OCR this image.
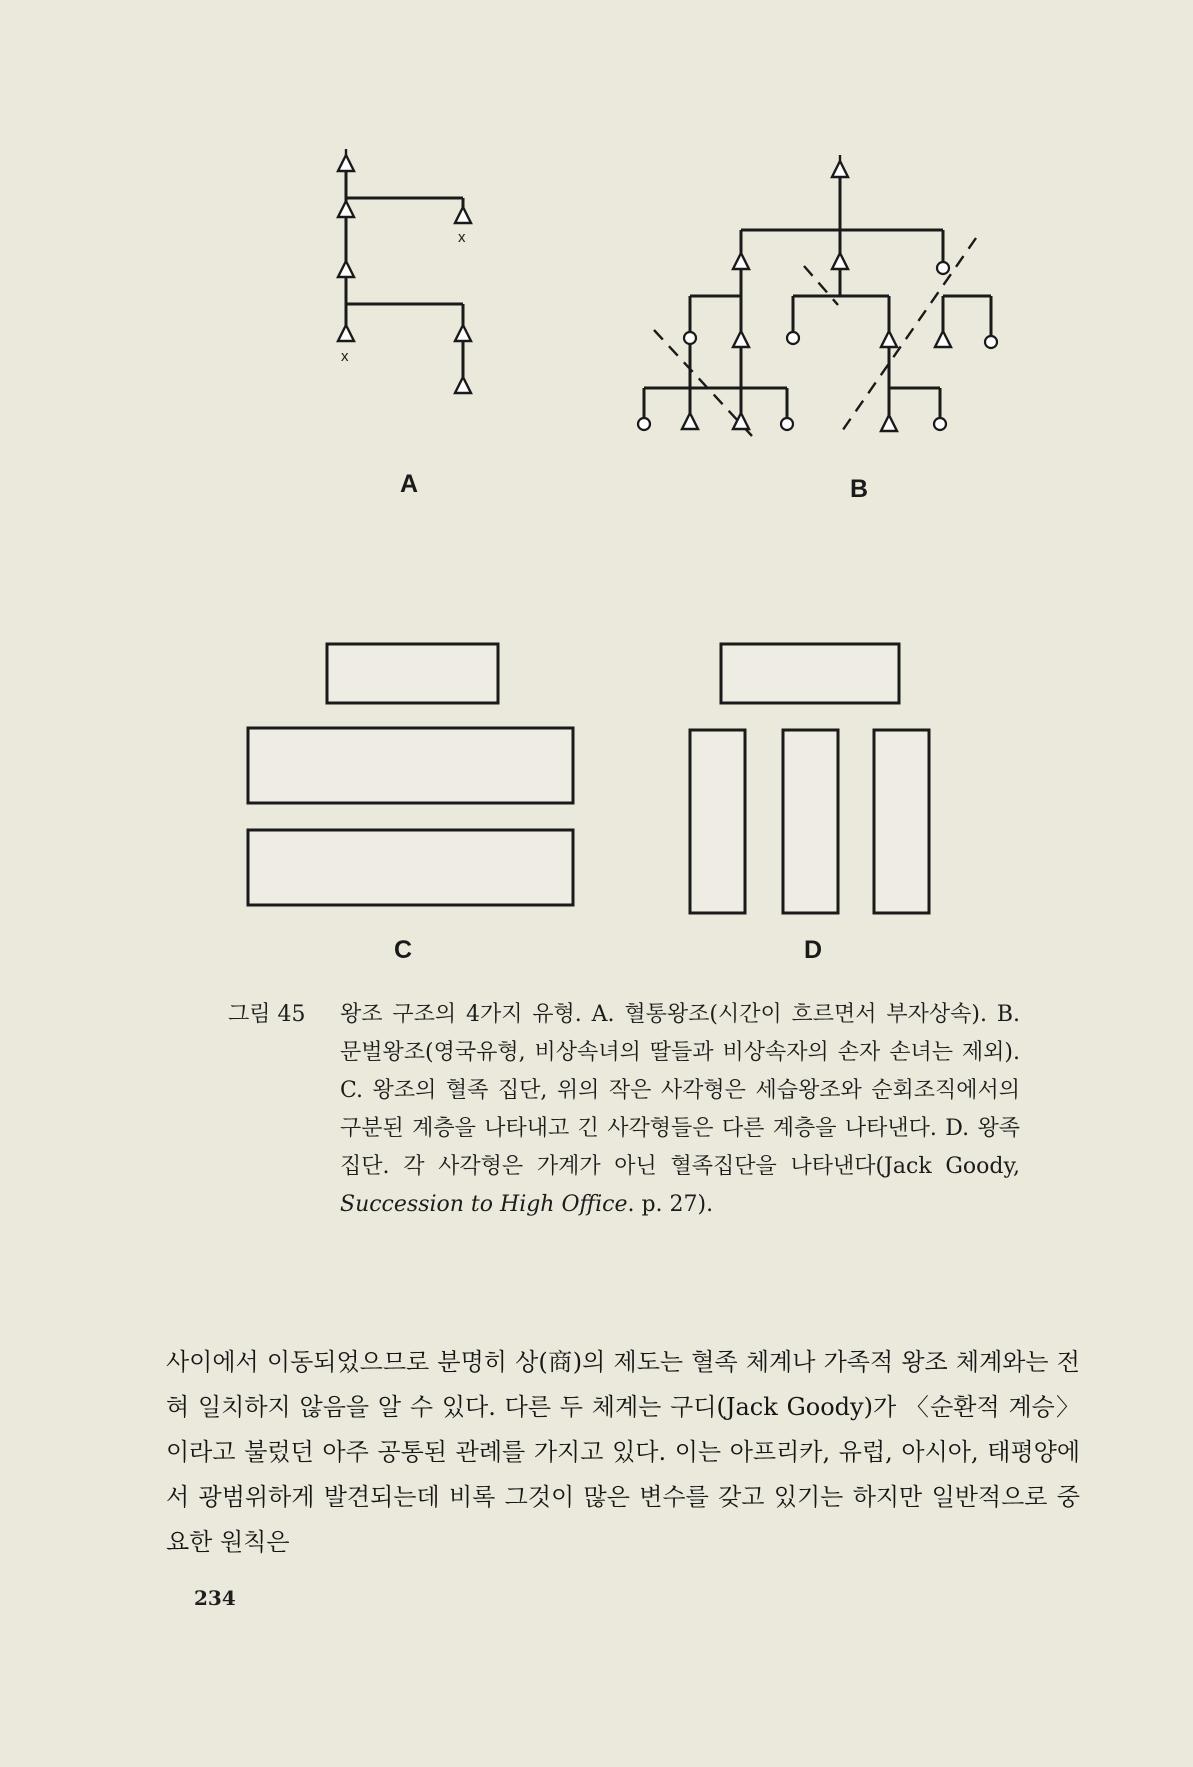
x
x
A	B
C	D
그림 45	왕조 구조의 4가지 유형. A. 혈통왕조(시간이 흐르면서 부자상속). B. 문벌왕조(영국유형, 비상속녀의 딸들과 비상속자의 손자 손녀는 제외). C. 왕조의 혈족 집단, 위의 작은 사각형은 세습왕조와 순회조직에서의 구분된 계층을 나타내고 긴 사각형들은 다른 계층을 나타낸다. D. 왕족집단. 각 사각형은 가계가 아닌 혈족집단을 나타낸다(Jack Goody, Succession to High Office. p. 27).
사이에서 이동되었으므로 분명히 상(商)의 제도는 혈족 체계나 가족적 왕조 체계와는 전혀 일치하지 않음을 알 수 있다. 다른 두 체계는 구디(Jack Goody)가 〈순환적 계승〉이라고 불렀던 아주 공통된 관례를 가지고 있다. 이는 아프리카, 유럽, 아시아, 태평양에서 광범위하게 발견되는데 비록 그것이 많은 변수를 갖고 있기는 하지만 일반적으로 중요한 원칙은
234
